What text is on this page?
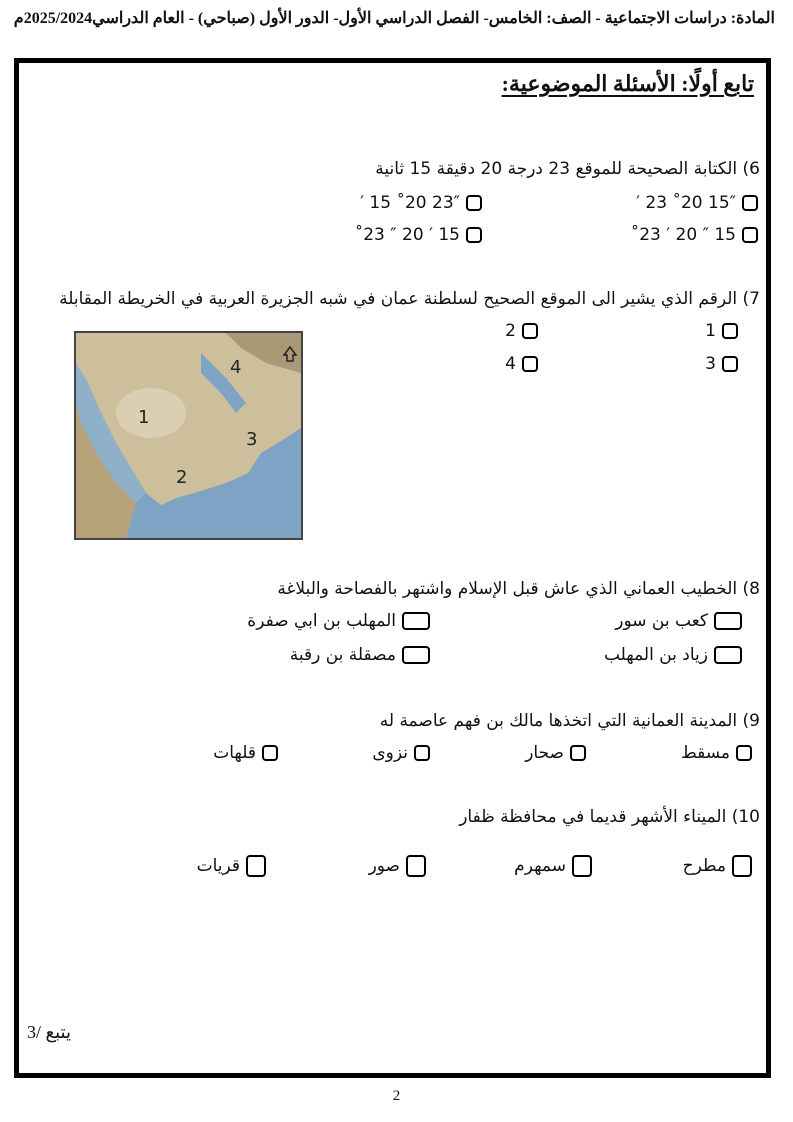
المادة: دراسات الاجتماعية - الصف: الخامس- الفصل الدراسي الأول- الدور الأول (صباحي) - العام الدراسي2025/2024م
تابع أولًا: الأسئلة الموضوعية:
6) الكتابة الصحيحة للموقع 23 درجة 20 دقيقة 15 ثانية
15″ 20˚ 23 ′
23″ 20˚ 15 ′
15 ″ 20 ′ 23˚
15 ′ 20 ″ 23˚
7) الرقم الذي يشير الى الموقع الصحيح لسلطنة عمان في شبه الجزيرة العربية في الخريطة المقابلة
1
2
3
4
1
2
3
4
8) الخطيب العماني الذي عاش قبل الإسلام واشتهر بالفصاحة والبلاغة
كعب بن سور
المهلب بن ابي صفرة
زياد بن المهلب
مصقلة بن رقبة
9) المدينة العمانية التي اتخذها مالك بن فهم عاصمة له
مسقط
صحار
نزوى
قلهات
10) الميناء الأشهر قديما في محافظة ظفار
مطرح
سمهرم
صور
قريات
يتبع /3
2
